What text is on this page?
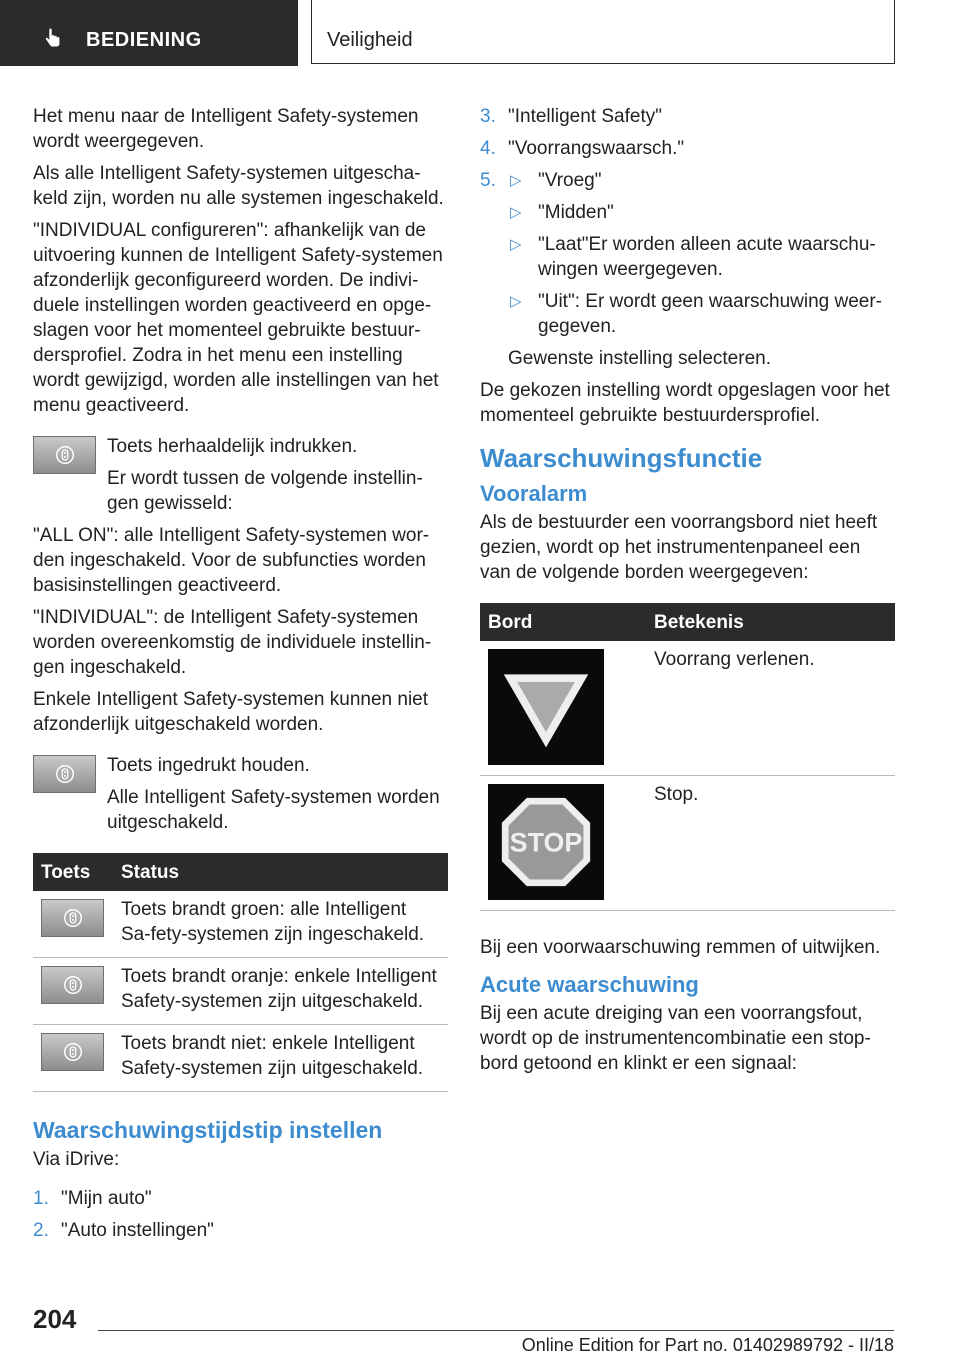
BEDIENING	Veiligheid

Het menu naar de Intelligent Safety-systemen wordt weergegeven.

Als alle Intelligent Safety-systemen uitgescha-keld zijn, worden nu alle systemen ingeschakeld.

"INDIVIDUAL configureren": afhankelijk van de uitvoering kunnen de Intelligent Safety-systemen afzonderlijk geconfigureerd worden. De indivi-duele instellingen worden geactiveerd en opge-slagen voor het momenteel gebruikte bestuur-dersprofiel. Zodra in het menu een instelling wordt gewijzigd, worden alle instellingen van het menu geactiveerd.

Toets herhaaldelijk indrukken.

Er wordt tussen de volgende instellin-gen gewisseld:

"ALL ON": alle Intelligent Safety-systemen wor-den ingeschakeld. Voor de subfuncties worden basisinstellingen geactiveerd.

"INDIVIDUAL": de Intelligent Safety-systemen worden overeenkomstig de individuele instellin-gen ingeschakeld.

Enkele Intelligent Safety-systemen kunnen niet afzonderlijk uitgeschakeld worden.

Toets ingedrukt houden.

Alle Intelligent Safety-systemen worden uitgeschakeld.

Toets	Status

	Toets brandt groen: alle Intelligent Sa-fety-systemen zijn ingeschakeld.

	Toets brandt oranje: enkele Intelligent Safety-systemen zijn uitgeschakeld.

	Toets brandt niet: enkele Intelligent Safety-systemen zijn uitgeschakeld.
Waarschuwingstijdstip instellen

Via iDrive:

1. "Mijn auto"
2. "Auto instellingen"
3. "Intelligent Safety"
4. "Voorrangswaarsch."
5. ▷ "Vroeg"
▷ "Midden"
▷ "Laat"Er worden alleen acute waarschu-wingen weergegeven.
▷ "Uit": Er wordt geen waarschuwing weer-gegeven.

Gewenste instelling selecteren.

De gekozen instelling wordt opgeslagen voor het momenteel gebruikte bestuurdersprofiel.

Waarschuwingsfunctie
Vooralarm

Als de bestuurder een voorrangsbord niet heeft gezien, wordt op het instrumentenpaneel een van de volgende borden weergegeven:

Bord	Betekenis

	Voorrang verlenen.

STOP	Stop.

Bij een voorwaarschuwing remmen of uitwijken.

Acute waarschuwing

Bij een acute dreiging van een voorrangsfout, wordt op de instrumentencombinatie een stop-bord getoond en klinkt er een signaal:

204
Online Edition for Part no. 01402989792 - II/18
